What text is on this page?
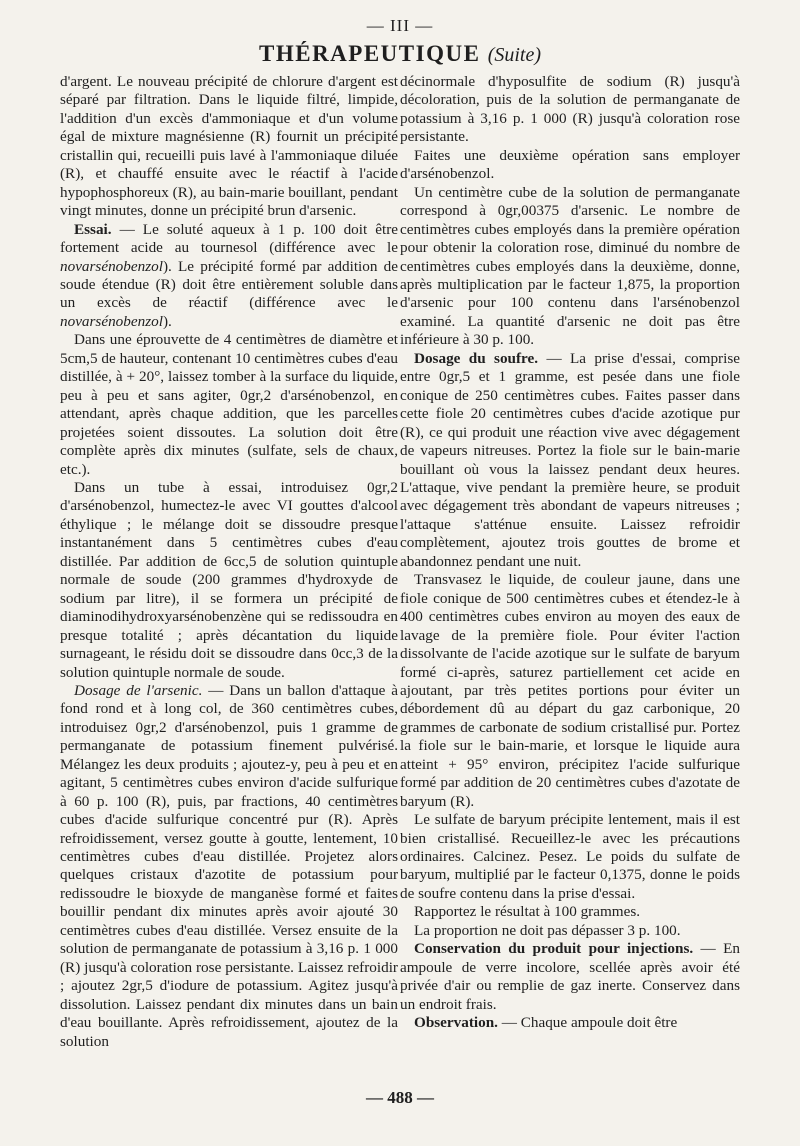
— III —
THÉRAPEUTIQUE (Suite)

d'argent. Le nouveau précipité de chlorure d'argent est séparé par filtration. Dans le liquide filtré, limpide, l'addition d'un excès d'ammoniaque et d'un volume égal de mixture magnésienne (R) fournit un précipité cristallin qui, recueilli puis lavé à l'ammoniaque diluée (R), et chauffé ensuite avec le réactif à l'acide hypophosphoreux (R), au bain-marie bouillant, pendant vingt minutes, donne un précipité brun d'arsenic.

Essai. — Le soluté aqueux à 1 p. 100 doit être fortement acide au tournesol (différence avec le novarsénobenzol). Le précipité formé par addition de soude étendue (R) doit être entièrement soluble dans un excès de réactif (différence avec le novarsénobenzol).

Dans une éprouvette de 4 centimètres de diamètre et 5cm,5 de hauteur, contenant 10 centimètres cubes d'eau distillée, à + 20°, laissez tomber à la surface du liquide, peu à peu et sans agiter, 0gr,2 d'arsénobenzol, en attendant, après chaque addition, que les parcelles projetées soient dissoutes. La solution doit être complète après dix minutes (sulfate, sels de chaux, etc.).

Dans un tube à essai, introduisez 0gr,2 d'arsénobenzol, humectez-le avec VI gouttes d'alcool éthylique ; le mélange doit se dissoudre presque instantanément dans 5 centimètres cubes d'eau distillée. Par addition de 6cc,5 de solution quintuple normale de soude (200 grammes d'hydroxyde de sodium par litre), il se formera un précipité de diaminodihydroxyarsénobenzène qui se redissoudra en presque totalité ; après décantation du liquide surnageant, le résidu doit se dissoudre dans 0cc,3 de la solution quintuple normale de soude.

Dosage de l'arsenic. — Dans un ballon d'attaque à fond rond et à long col, de 360 centimètres cubes, introduisez 0gr,2 d'arsénobenzol, puis 1 gramme de permanganate de potassium finement pulvérisé. Mélangez les deux produits ; ajoutez-y, peu à peu et en agitant, 5 centimètres cubes environ d'acide sulfurique à 60 p. 100 (R), puis, par fractions, 40 centimètres cubes d'acide sulfurique concentré pur (R). Après refroidissement, versez goutte à goutte, lentement, 10 centimètres cubes d'eau distillée. Projetez alors quelques cristaux d'azotite de potassium pour redissoudre le bioxyde de manganèse formé et faites bouillir pendant dix minutes après avoir ajouté 30 centimètres cubes d'eau distillée. Versez ensuite de la solution de permanganate de potassium à 3,16 p. 1 000 (R) jusqu'à coloration rose persistante. Laissez refroidir ; ajoutez 2gr,5 d'iodure de potassium. Agitez jusqu'à dissolution. Laissez pendant dix minutes dans un bain d'eau bouillante. Après refroidissement, ajoutez de la solution

décinormale d'hyposulfite de sodium (R) jusqu'à décoloration, puis de la solution de permanganate de potassium à 3,16 p. 1 000 (R) jusqu'à coloration rose persistante.

Faites une deuxième opération sans employer d'arsénobenzol.

Un centimètre cube de la solution de permanganate correspond à 0gr,00375 d'arsenic. Le nombre de centimètres cubes employés dans la première opération pour obtenir la coloration rose, diminué du nombre de centimètres cubes employés dans la deuxième, donne, après multiplication par le facteur 1,875, la proportion d'arsenic pour 100 contenu dans l'arsénobenzol examiné. La quantité d'arsenic ne doit pas être inférieure à 30 p. 100.

Dosage du soufre. — La prise d'essai, comprise entre 0gr,5 et 1 gramme, est pesée dans une fiole conique de 250 centimètres cubes. Faites passer dans cette fiole 20 centimètres cubes d'acide azotique pur (R), ce qui produit une réaction vive avec dégagement de vapeurs nitreuses. Portez la fiole sur le bain-marie bouillant où vous la laissez pendant deux heures. L'attaque, vive pendant la première heure, se produit avec dégagement très abondant de vapeurs nitreuses ; l'attaque s'atténue ensuite. Laissez refroidir complètement, ajoutez trois gouttes de brome et abandonnez pendant une nuit.

Transvasez le liquide, de couleur jaune, dans une fiole conique de 500 centimètres cubes et étendez-le à 400 centimètres cubes environ au moyen des eaux de lavage de la première fiole. Pour éviter l'action dissolvante de l'acide azotique sur le sulfate de baryum formé ci-après, saturez partiellement cet acide en ajoutant, par très petites portions pour éviter un débordement dû au départ du gaz carbonique, 20 grammes de carbonate de sodium cristallisé pur. Portez la fiole sur le bain-marie, et lorsque le liquide aura atteint + 95° environ, précipitez l'acide sulfurique formé par addition de 20 centimètres cubes d'azotate de baryum (R).

Le sulfate de baryum précipite lentement, mais il est bien cristallisé. Recueillez-le avec les précautions ordinaires. Calcinez. Pesez. Le poids du sulfate de baryum, multiplié par le facteur 0,1375, donne le poids de soufre contenu dans la prise d'essai.

Rapportez le résultat à 100 grammes.

La proportion ne doit pas dépasser 3 p. 100.

Conservation du produit pour injections. — En ampoule de verre incolore, scellée après avoir été privée d'air ou remplie de gaz inerte. Conservez dans un endroit frais.

Observation. — Chaque ampoule doit être

— 488 —
